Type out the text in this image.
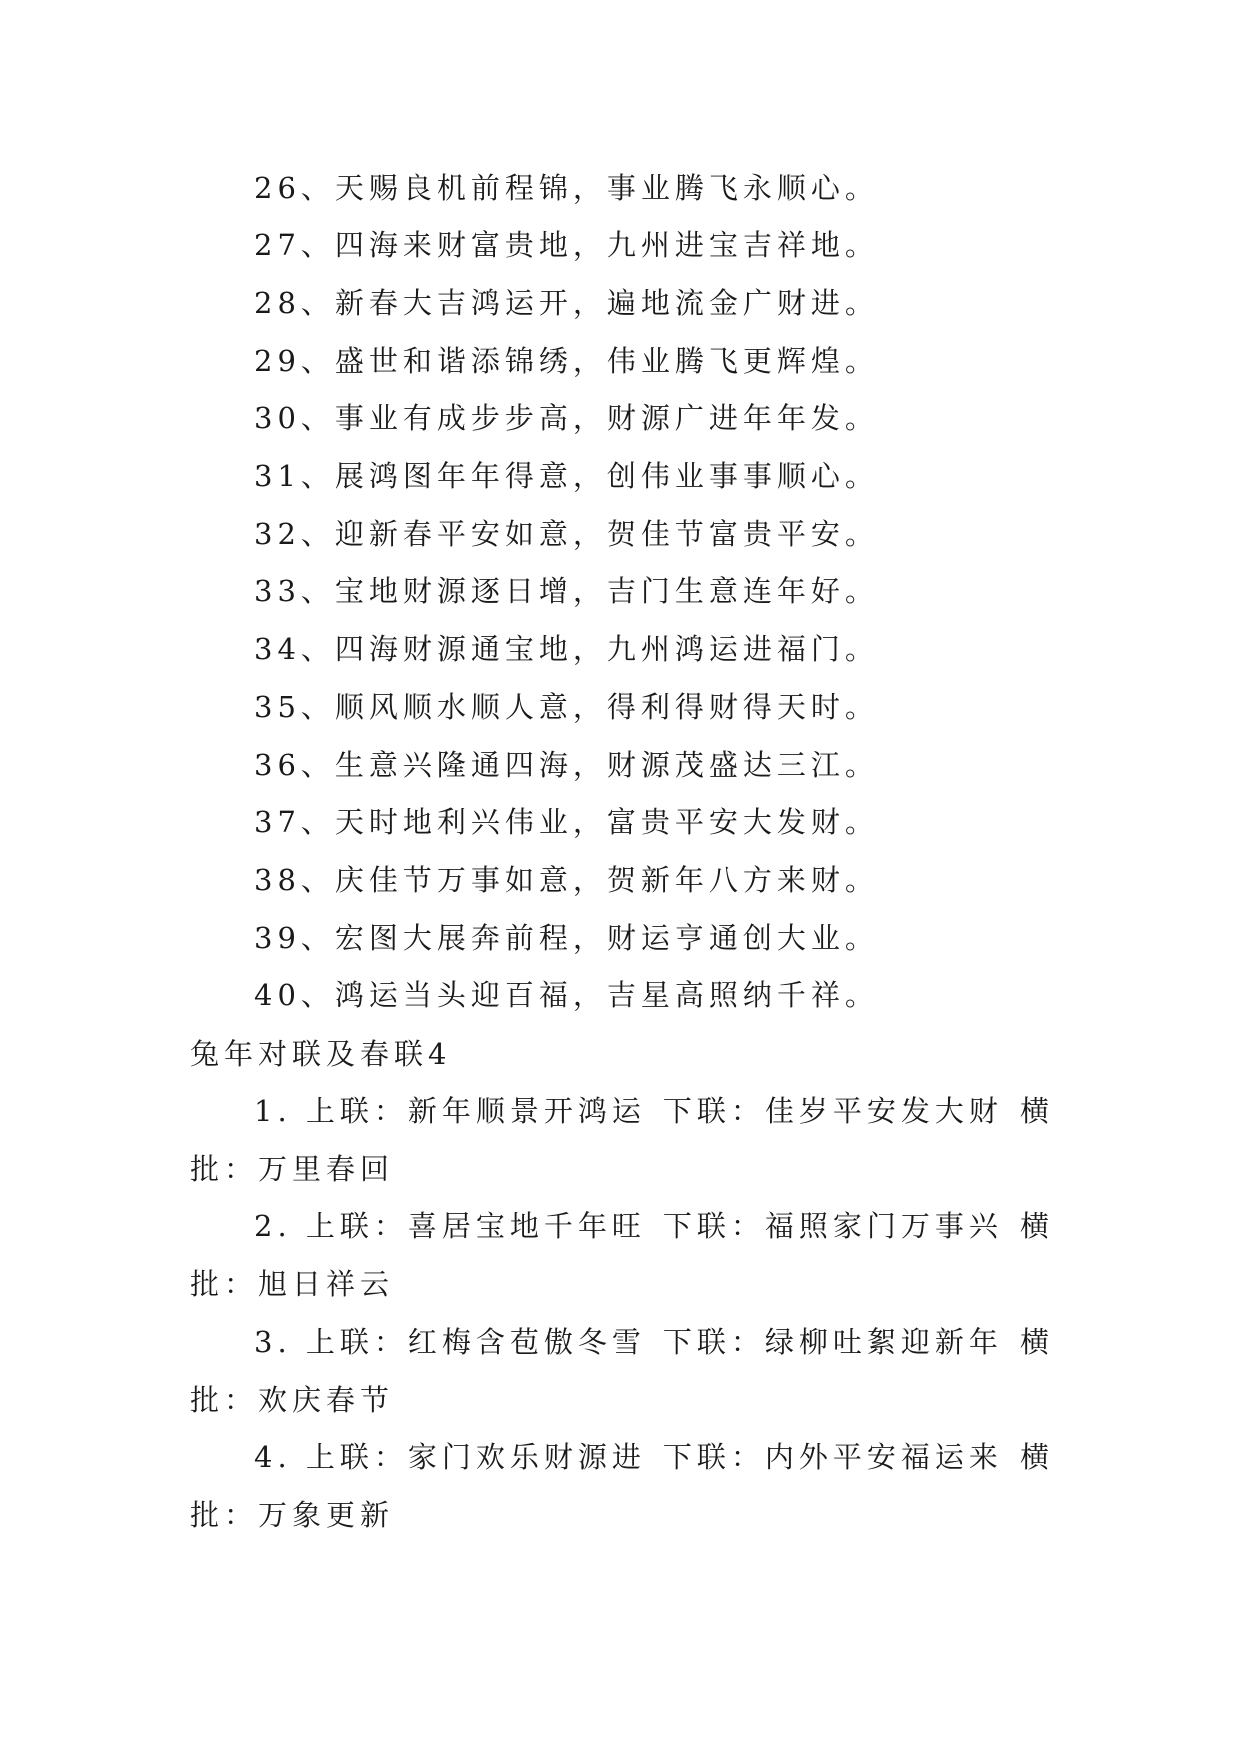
26、天赐良机前程锦，事业腾飞永顺心。
27、四海来财富贵地，九州进宝吉祥地。
28、新春大吉鸿运开，遍地流金广财进。
29、盛世和谐添锦绣，伟业腾飞更辉煌。
30、事业有成步步高，财源广进年年发。
31、展鸿图年年得意，创伟业事事顺心。
32、迎新春平安如意，贺佳节富贵平安。
33、宝地财源逐日增，吉门生意连年好。
34、四海财源通宝地，九州鸿运进福门。
35、顺风顺水顺人意，得利得财得天时。
36、生意兴隆通四海，财源茂盛达三江。
37、天时地利兴伟业，富贵平安大发财。
38、庆佳节万事如意，贺新年八方来财。
39、宏图大展奔前程，财运亨通创大业。
40、鸿运当头迎百福，吉星高照纳千祥。
兔年对联及春联4
1. 上联：新年顺景开鸿运 下联：佳岁平安发大财 横
批：万里春回
2. 上联：喜居宝地千年旺 下联：福照家门万事兴 横
批：旭日祥云
3. 上联：红梅含苞傲冬雪 下联：绿柳吐絮迎新年 横
批：欢庆春节
4. 上联：家门欢乐财源进 下联：内外平安福运来 横
批：万象更新
